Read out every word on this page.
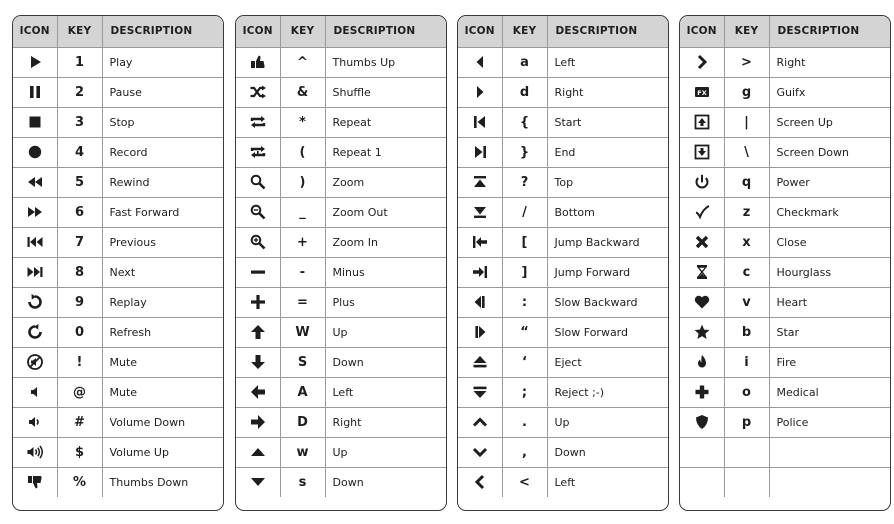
ICON	KEY	DESCRIPTION

	1	Play

	2	Pause

	3	Stop

	4	Record

	5	Rewind

	6	Fast Forward

	7	Previous

	8	Next

	9	Replay

	0	Refresh

	!	Mute

	@	Mute

	#	Volume Down

	$	Volume Up

	%	Thumbs Down
ICON	KEY	DESCRIPTION

	^	Thumbs Up

	&	Shuffle

	*	Repeat

	(	Repeat 1

	)	Zoom

	_	Zoom Out

	+	Zoom In

	-	Minus

	=	Plus

	W	Up

	S	Down

	A	Left

	D	Right

	w	Up

	s	Down
ICON	KEY	DESCRIPTION

	a	Left

	d	Right

	{	Start

	}	End

	?	Top

	/	Bottom

	[	Jump Backward

	]	Jump Forward

	:	Slow Backward

	“	Slow Forward

	‘	Eject

	;	Reject ;-)

	.	Up

	,	Down

	<	Left
ICON	KEY	DESCRIPTION

	>	Right

FX	g	Guifx

	|	Screen Up

	\	Screen Down

	q	Power

	z	Checkmark

	x	Close

	c	Hourglass

	v	Heart

	b	Star

	i	Fire

	o	Medical

	p	Police
